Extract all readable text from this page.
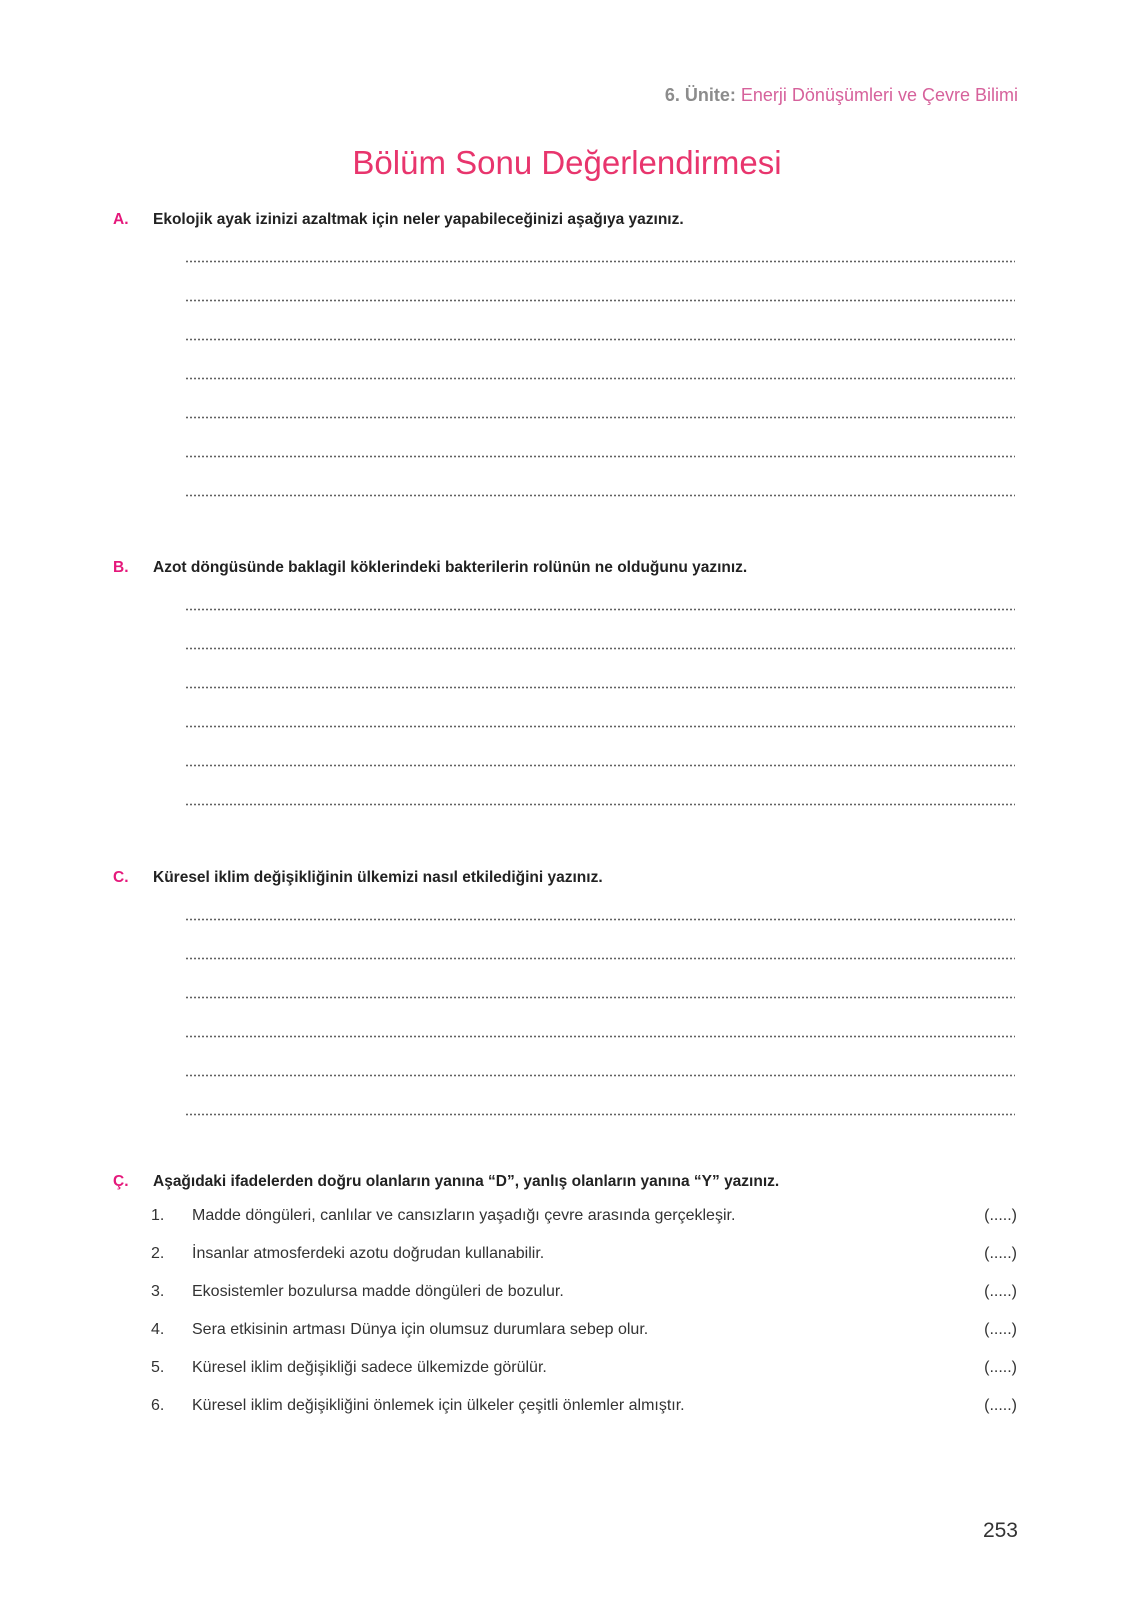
6. Ünite: Enerji Dönüşümleri ve Çevre Bilimi
Bölüm Sonu Değerlendirmesi
A. Ekolojik ayak izinizi azaltmak için neler yapabileceğinizi aşağıya yazınız.
B. Azot döngüsünde baklagil köklerindeki bakterilerin rolünün ne olduğunu yazınız.
C. Küresel iklim değişikliğinin ülkemizi nasıl etkilediğini yazınız.
Ç. Aşağıdaki ifadelerden doğru olanların yanına “D”, yanlış olanların yanına “Y” yazınız.
1. Madde döngüleri, canlılar ve cansızların yaşadığı çevre arasında gerçekleşir.	(.....)
2. İnsanlar atmosferdeki azotu doğrudan kullanabilir.	(.....)
3. Ekosistemler bozulursa madde döngüleri de bozulur.	(.....)
4. Sera etkisinin artması Dünya için olumsuz durumlara sebep olur.	(.....)
5. Küresel iklim değişikliği sadece ülkemizde görülür.	(.....)
6. Küresel iklim değişikliğini önlemek için ülkeler çeşitli önlemler almıştır.	(.....)
253
